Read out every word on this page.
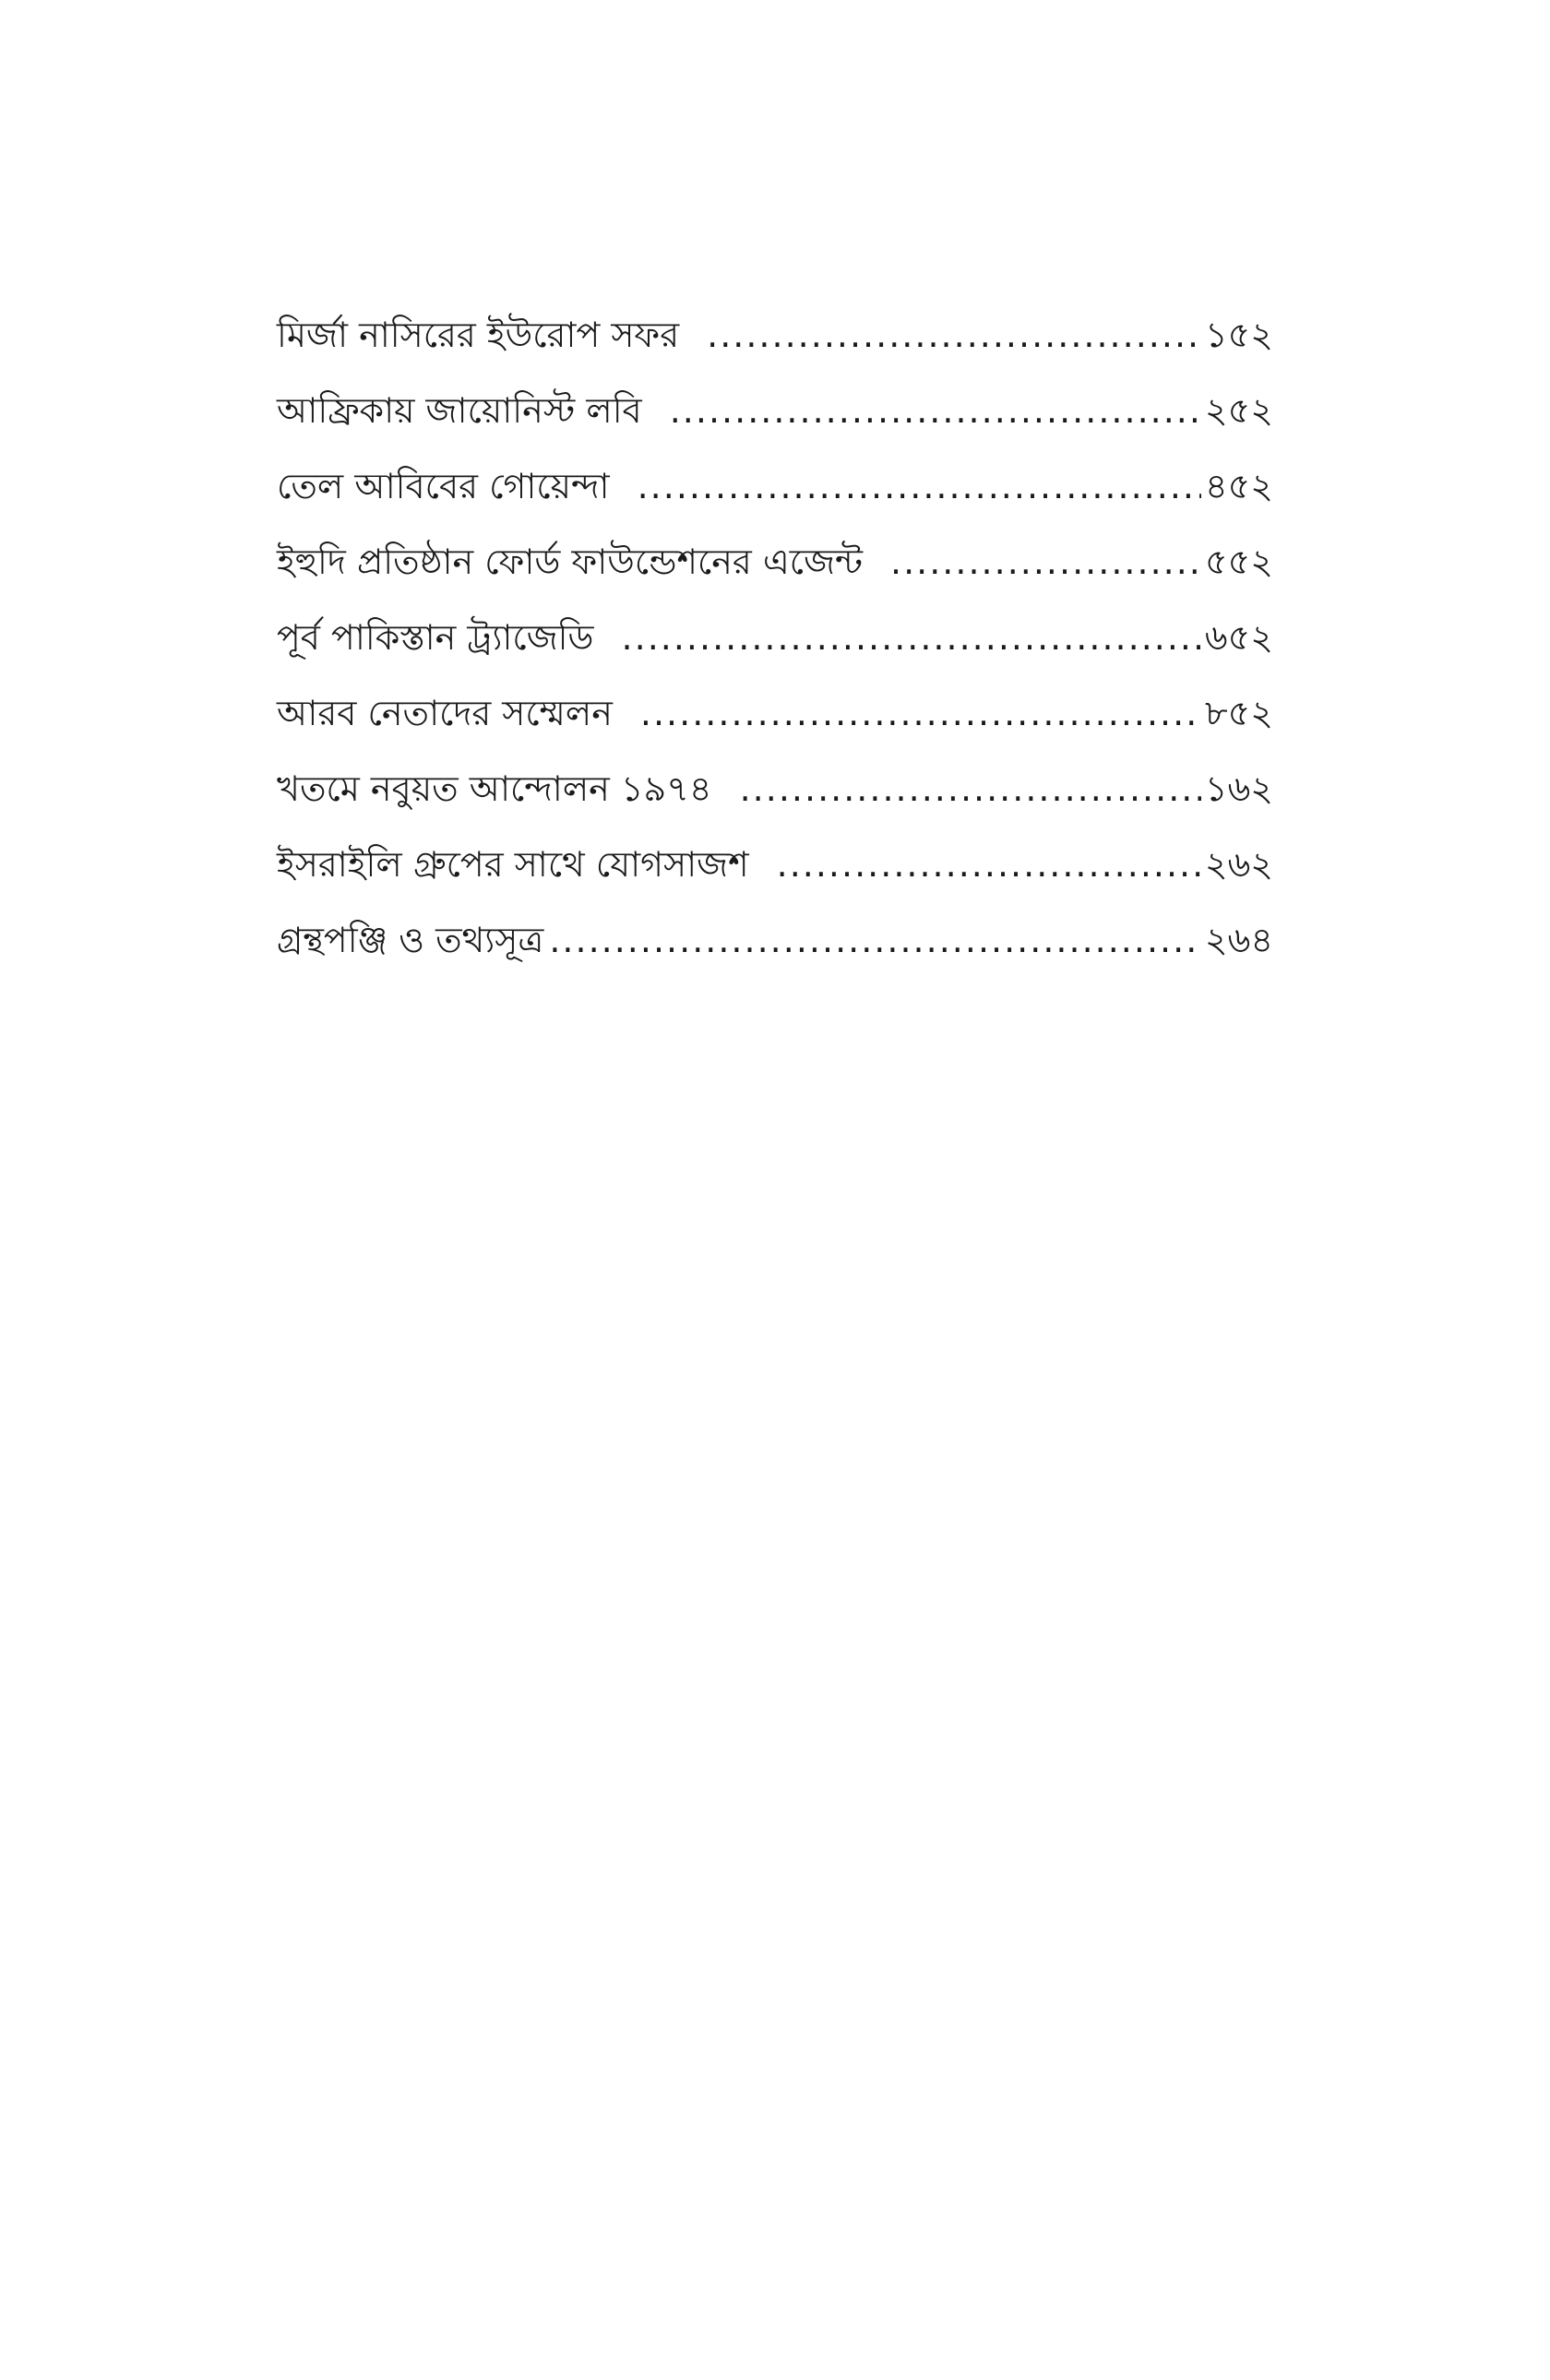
মির্জা নাসিরের ইউরোপ সফর .....	১৫২
আফ্রিকায় জায়োনিস্ট লবি .....	২৫২
তেল আবিবের গোয়েন্দা .....	৪৫২
ইহুদি প্রতিষ্ঠান ফোর্ড ফাউন্ডেশনের এজেন্ট .....	৫৫২
পূর্ব পাকিস্তান ট্র্যাজেডি .....	৬৫২
আরব নেতাদের সম্মেলন .....	৮৫২
খতমে নবুয়ত আন্দোলন ১৯৭৪ .....	১৬২
ইসরাইলি গ্রুপের সাথে যোগসাজশ .....	২৬২
গ্রন্থপঞ্জি ও তথ্যসূত্র .....	২৬৪
